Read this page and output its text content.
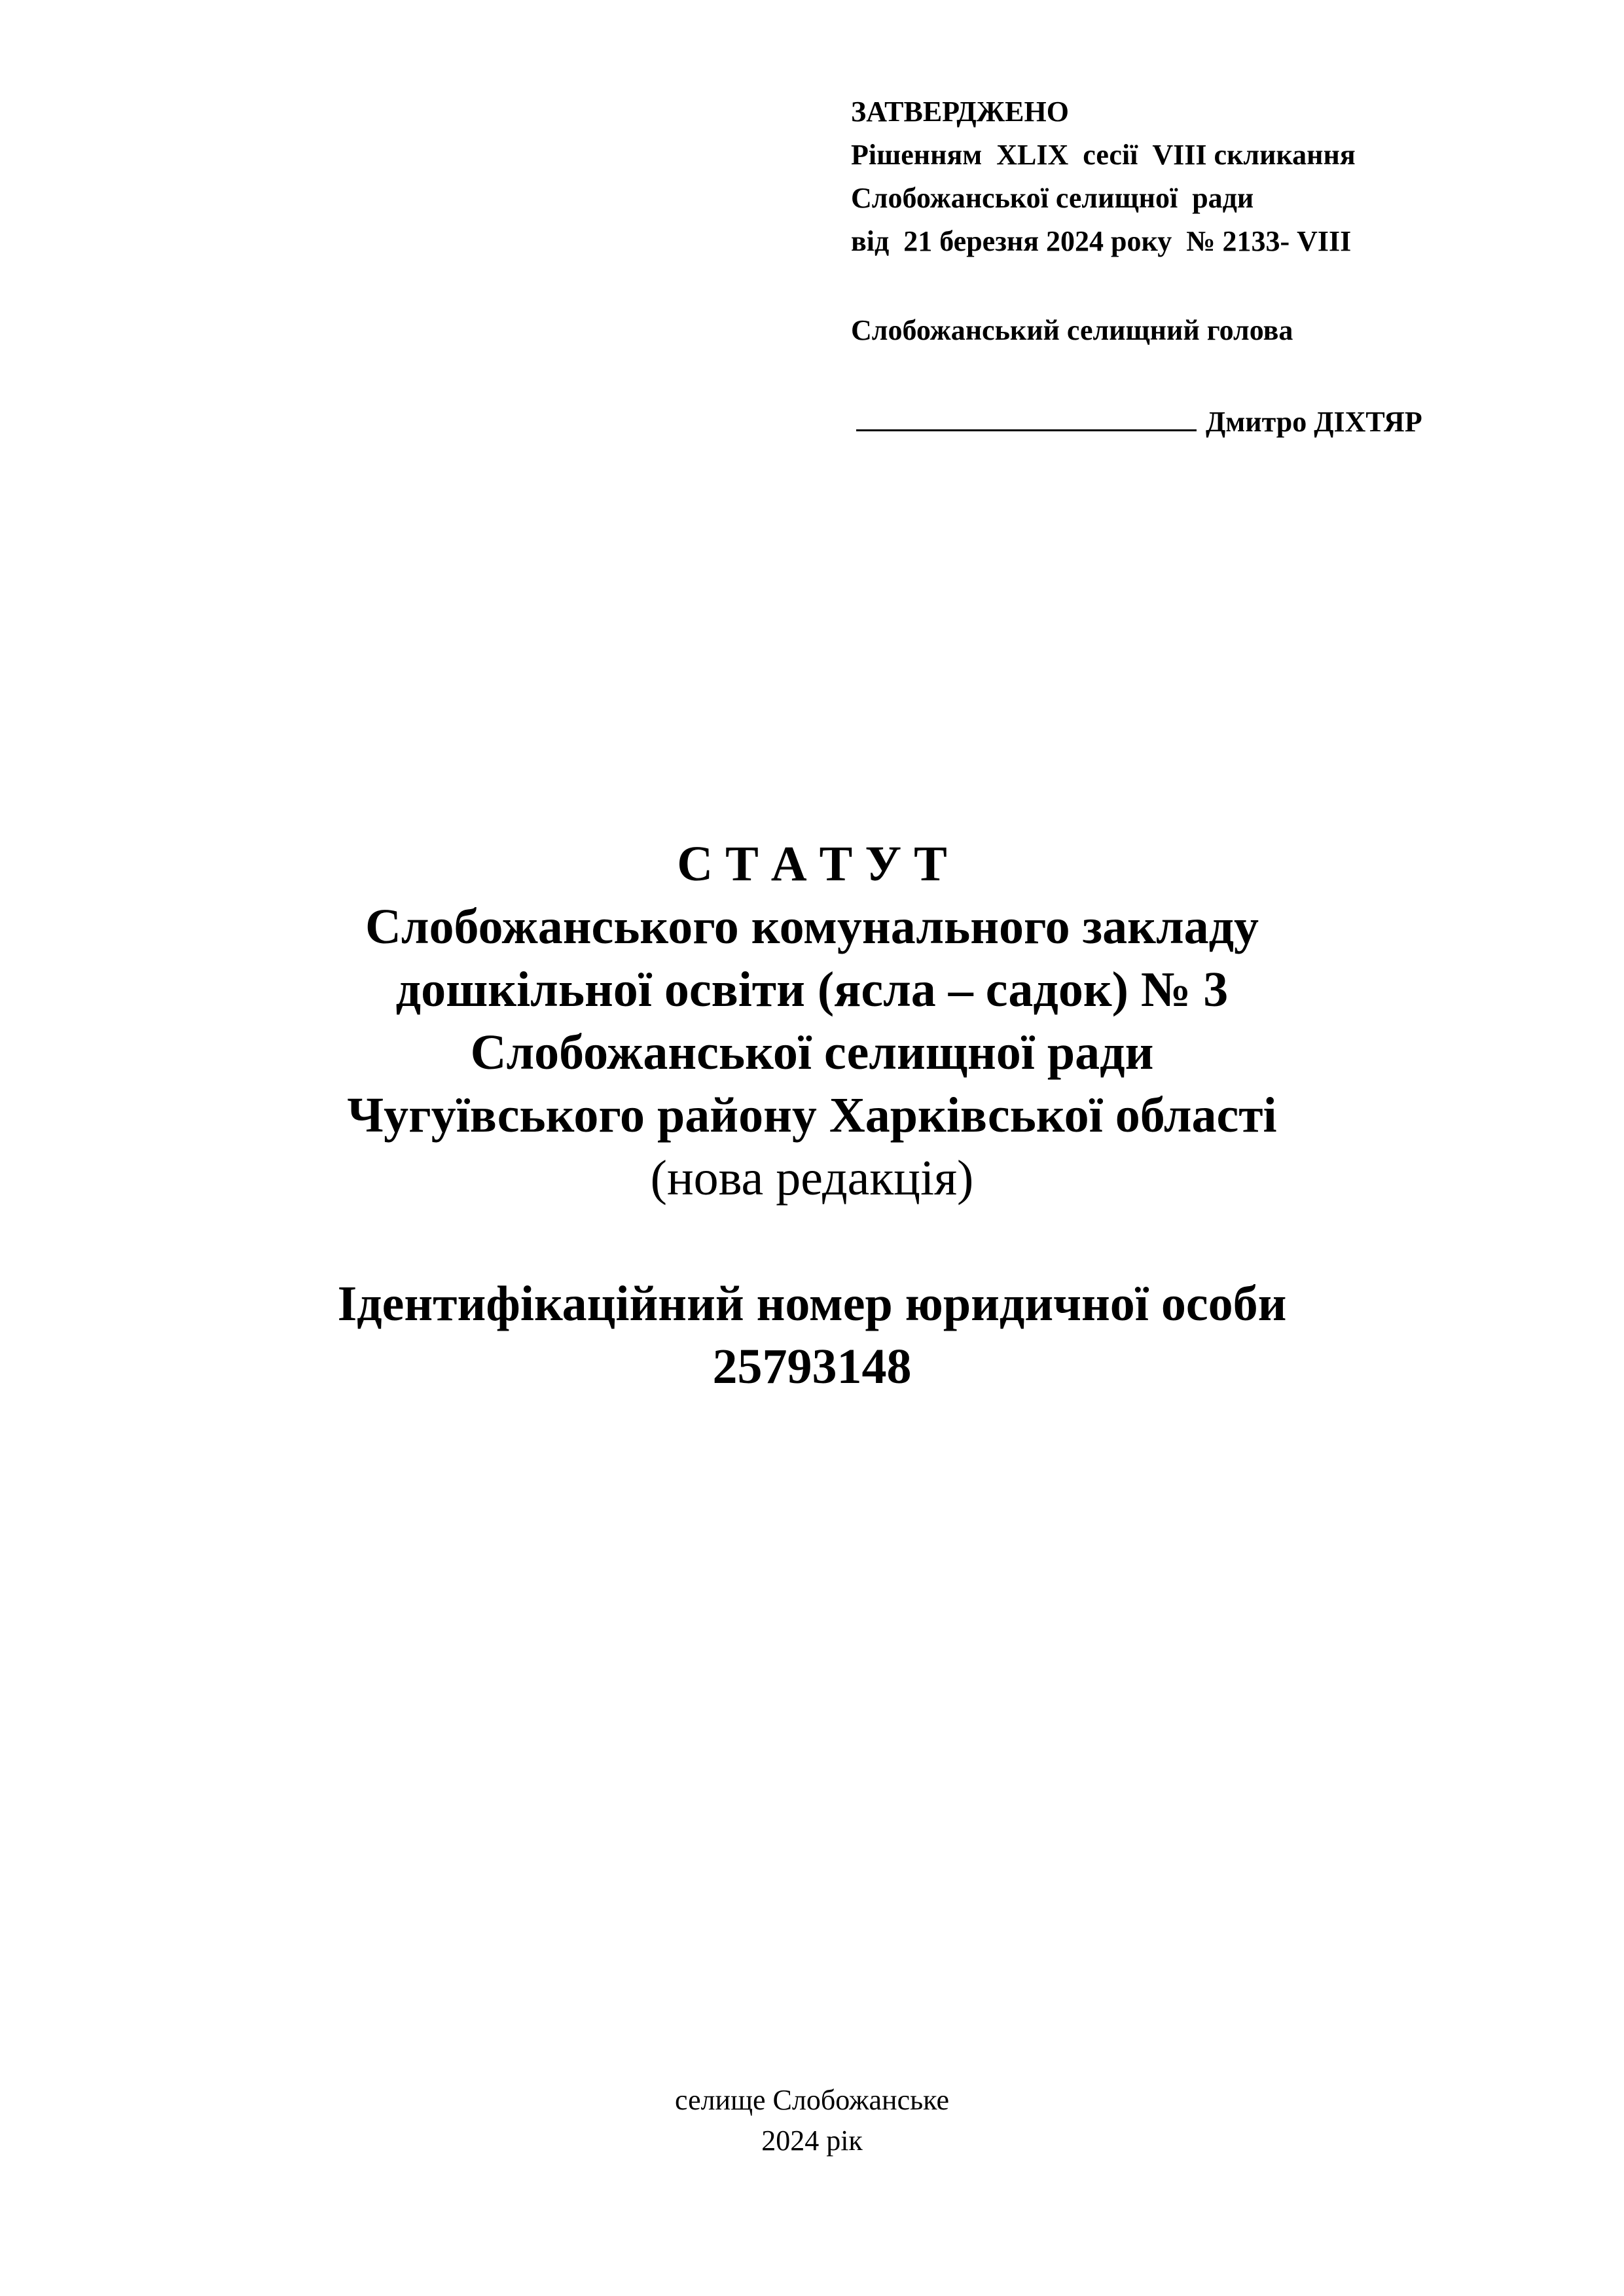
ЗАТВЕРДЖЕНО
Рішенням  XLIX  сесії  VIII скликання
Слобожанської селищної  ради
від  21 березня 2024 року  № 2133- VIII
Слобожанський селищний голова
Дмитро ДІХТЯР
С Т А Т У Т
Слобожанського комунального закладу
дошкільної освіти (ясла – садок) № 3
Слобожанської селищної ради
Чугуївського району Харківської області
(нова редакція)
Ідентифікаційний номер юридичної особи
25793148
селище Слобожанське
2024 рік
